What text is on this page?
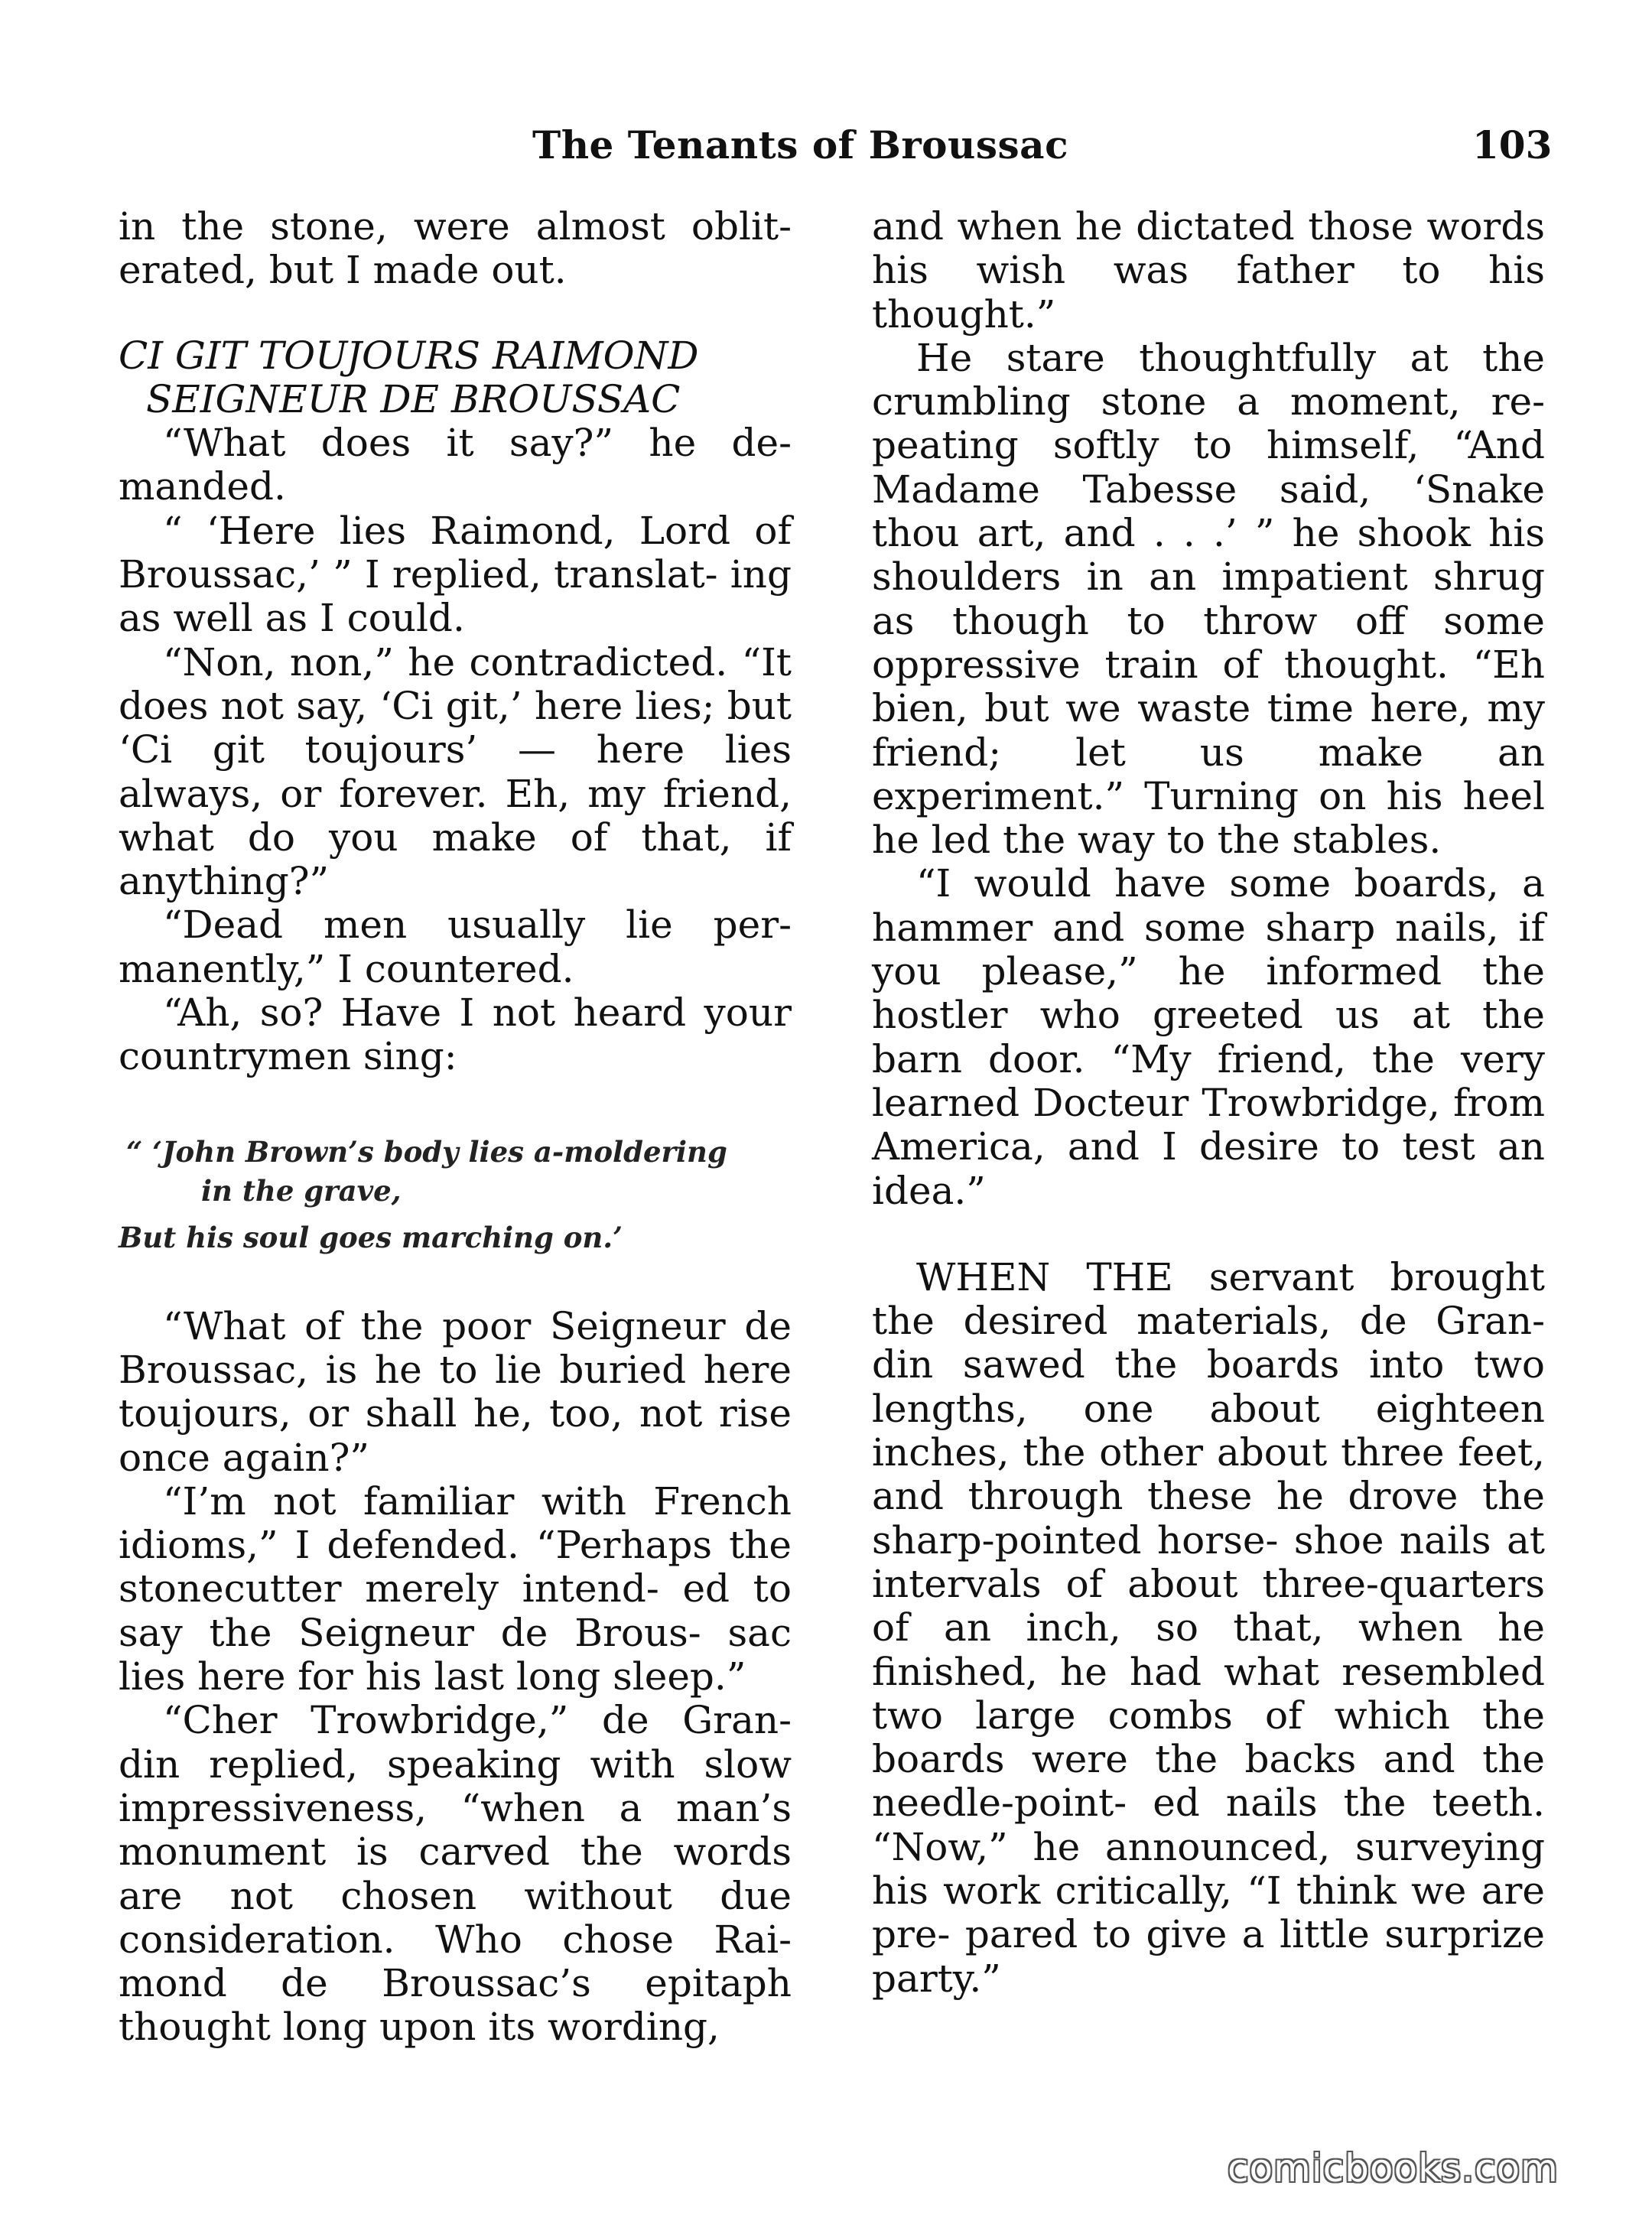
The Tenants of Broussac	103

in the stone, were almost oblit- erated, but I made out.

CI GIT TOUJOURS RAIMOND
SEIGNEUR DE BROUSSAC

“What does it say?” he de- manded.

“ ‘Here lies Raimond, Lord of Broussac,’ ” I replied, translat- ing as well as I could.

“Non, non,” he contradicted. “It does not say, ‘Ci git,’ here lies; but ‘Ci git toujours’ — here lies always, or forever. Eh, my friend, what do you make of that, if anything?”

“Dead men usually lie per- manently,” I countered.

“Ah, so? Have I not heard your countrymen sing:

“ ‘John Brown’s body lies a-moldering
in the grave,
But his soul goes marching on.’

“What of the poor Seigneur de Broussac, is he to lie buried here toujours, or shall he, too, not rise once again?”

“I’m not familiar with French idioms,” I defended. “Perhaps the stonecutter merely intend- ed to say the Seigneur de Brous- sac lies here for his last long sleep.”

“Cher Trowbridge,” de Gran- din replied, speaking with slow impressiveness, “when a man’s monument is carved the words are not chosen without due consideration. Who chose Rai- mond de Broussac’s epitaph thought long upon its wording,

and when he dictated those words his wish was father to his thought.”

He stare thoughtfully at the crumbling stone a moment, re- peating softly to himself, “And Madame Tabesse said, ‘Snake thou art, and . . .’ ” he shook his shoulders in an impatient shrug as though to throw off some oppressive train of thought. “Eh bien, but we waste time here, my friend; let us make an experiment.” Turning on his heel he led the way to the stables.

“I would have some boards, a hammer and some sharp nails, if you please,” he informed the hostler who greeted us at the barn door. “My friend, the very learned Docteur Trowbridge, from America, and I desire to test an idea.”

WHEN THE servant brought the desired materials, de Gran- din sawed the boards into two lengths, one about eighteen inches, the other about three feet, and through these he drove the sharp-pointed horse- shoe nails at intervals of about three-quarters of an inch, so that, when he finished, he had what resembled two large combs of which the boards were the backs and the needle-point- ed nails the teeth. “Now,” he announced, surveying his work critically, “I think we are pre- pared to give a little surprize party.”

comicbooks.com
